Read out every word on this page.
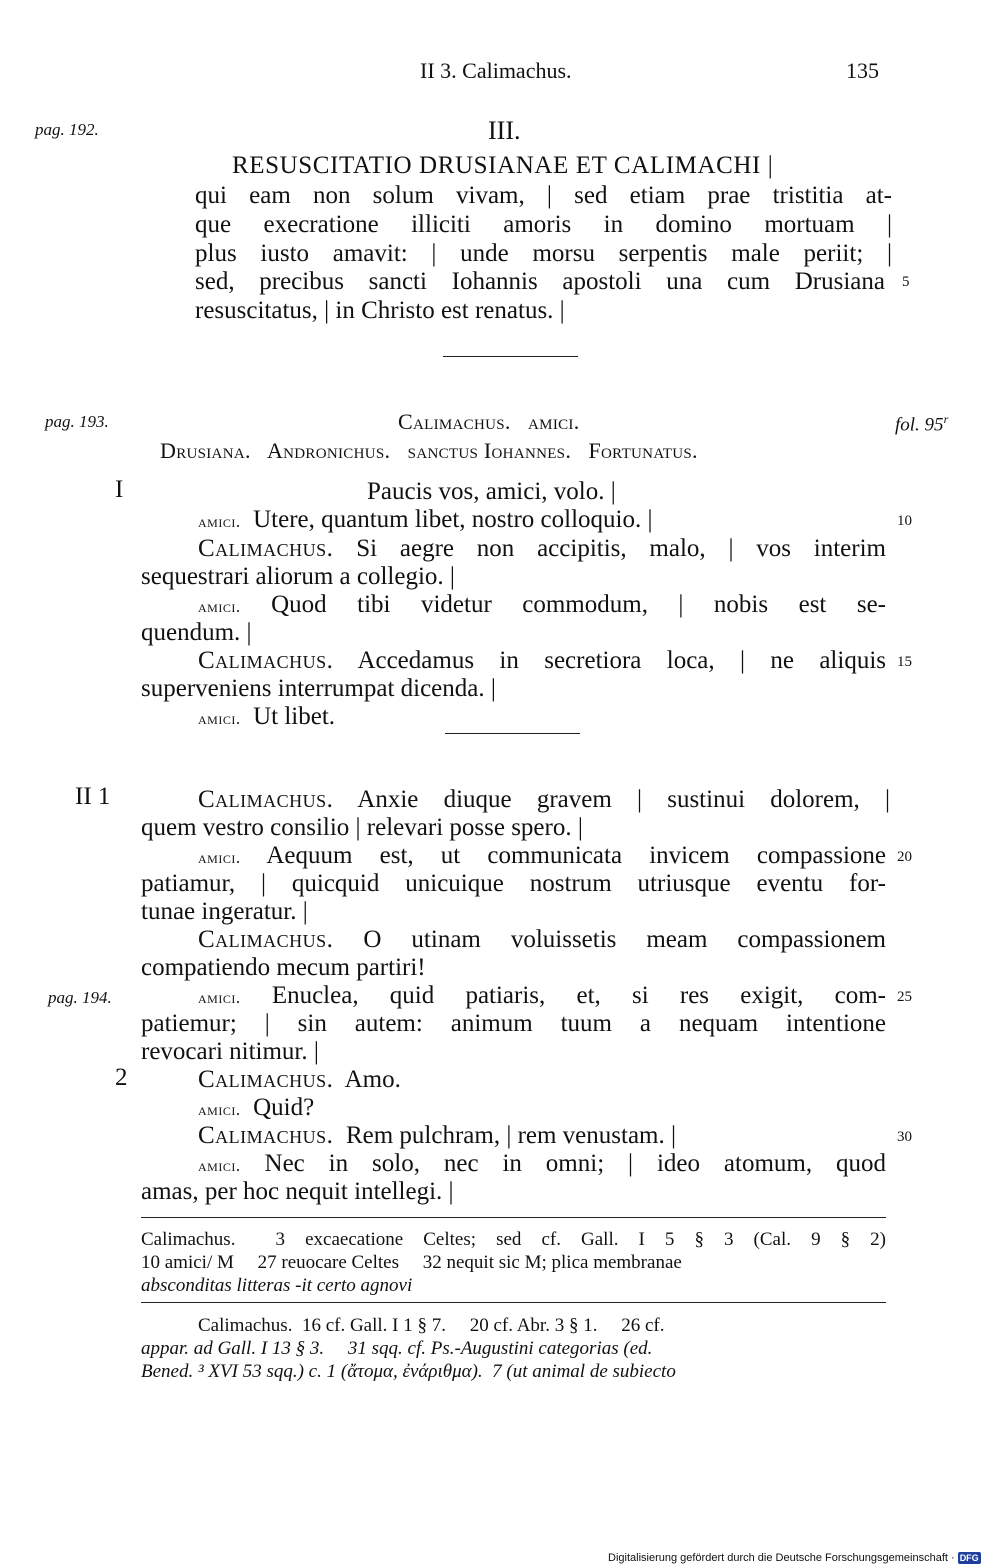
II 3. Calimachus.	135
pag. 192.	III.
RESUSCITATIO DRUSIANAE ET CALIMACHI |
qui eam non solum vivam, | sed etiam prae tristitia at-
que execratione illiciti amoris in domino mortuam |
plus iusto amavit: | unde morsu serpentis male periit; |
sed, precibus sancti Iohannis apostoli una cum Drusiana
resuscitatus, | in Christo est renatus. |
5
pag. 193.	Calimachus.   amici.	fol. 95$^r$
Drusiana.   Andronichus.   sanctus Iohannes.   Fortunatus.
I	Paucis vos, amici, volo. |
amici. Utere, quantum libet, nostro colloquio. |	10
Calimachus. Si aegre non accipitis, malo, | vos interim
sequestrari aliorum a collegio. |
amici. Quod tibi videtur commodum, | nobis est se-
quendum. |
Calimachus. Accedamus in secretiora loca, | ne aliquis 15
superveniens interrumpat dicenda. |
amici. Ut libet.
II 1	Calimachus. Anxie diuque gravem | sustinui dolorem, |
quem vestro consilio | relevari posse spero. |
amici. Aequum est, ut communicata invicem compassione 20
patiamur, | quicquid unicuique nostrum utriusque eventu for-
tunae ingeratur. |
Calimachus. O utinam voluissetis meam compassionem
compatiendo mecum partiri!
pag. 194.	amici. Enuclea, quid patiaris, et, si res exigit, com- 25
patiemur; | sin autem: animum tuum a nequam intentione
revocari nitimur. |
2	Calimachus. Amo.
amici. Quid?
Calimachus. Rem pulchram, | rem venustam. |	30
amici. Nec in solo, nec in omni; | ideo atomum, quod
amas, per hoc nequit intellegi. |
Calimachus.  3 excaecatione Celtes; sed cf. Gall. I 5 § 3 (Cal. 9 § 2)
10 amici/ M     27 reuocare Celtes     32 nequit sic M; plica membranae
absconditas litteras -it certo agnovi
Calimachus.  16 cf. Gall. I 1 § 7.     20 cf. Abr. 3 § 1.     26 cf.
appar. ad Gall. I 13 § 3.     31 sqq. cf. Ps.-Augustini categorias (ed.
Bened. ³ XVI 53 sqq.) c. 1 (ἄτομα, ἐνάριθμα).  7 (ut animal de subiecto
Digitalisierung gefördert durch die Deutsche Forschungsgemeinschaft · DFG
